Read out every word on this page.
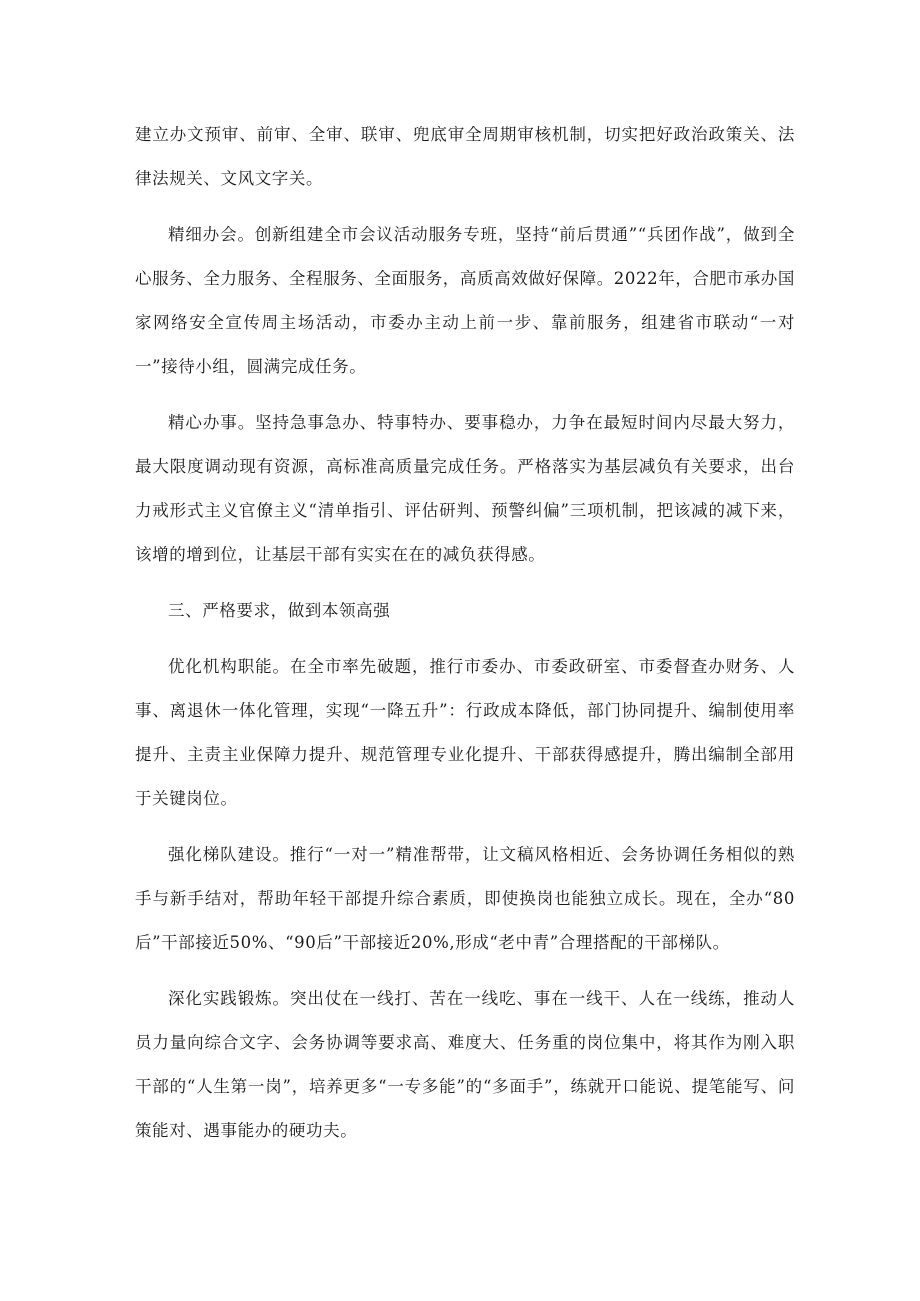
建立办文预审、前审、全审、联审、兜底审全周期审核机制，切实把好政治政策关、法律法规关、文风文字关。

精细办会。创新组建全市会议活动服务专班，坚持“前后贯通”“兵团作战”，做到全心服务、全力服务、全程服务、全面服务，高质高效做好保障。2022年，合肥市承办国家网络安全宣传周主场活动，市委办主动上前一步、靠前服务，组建省市联动“一对一”接待小组，圆满完成任务。

精心办事。坚持急事急办、特事特办、要事稳办，力争在最短时间内尽最大努力，最大限度调动现有资源，高标准高质量完成任务。严格落实为基层减负有关要求，出台力戒形式主义官僚主义“清单指引、评估研判、预警纠偏”三项机制，把该减的减下来，该增的增到位，让基层干部有实实在在的减负获得感。

三、严格要求，做到本领高强

优化机构职能。在全市率先破题，推行市委办、市委政研室、市委督查办财务、人事、离退休一体化管理，实现“一降五升”：行政成本降低，部门协同提升、编制使用率提升、主责主业保障力提升、规范管理专业化提升、干部获得感提升，腾出编制全部用于关键岗位。

强化梯队建设。推行“一对一”精准帮带，让文稿风格相近、会务协调任务相似的熟手与新手结对，帮助年轻干部提升综合素质，即使换岗也能独立成长。现在，全办“80后”干部接近50%、“90后”干部接近20%,形成“老中青”合理搭配的干部梯队。

深化实践锻炼。突出仗在一线打、苦在一线吃、事在一线干、人在一线练，推动人员力量向综合文字、会务协调等要求高、难度大、任务重的岗位集中，将其作为刚入职干部的“人生第一岗”，培养更多“一专多能”的“多面手”，练就开口能说、提笔能写、问策能对、遇事能办的硬功夫。
